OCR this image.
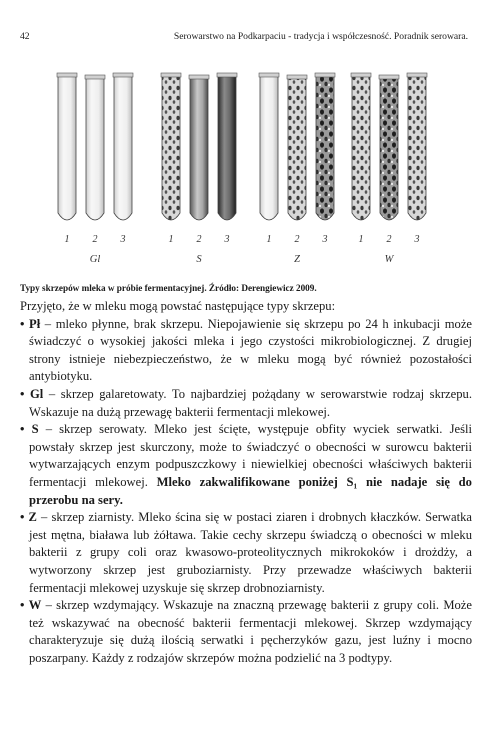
42	Serowarstwo na Podkarpaciu - tradycja i współczesność. Poradnik serowara.
1 2 3
Gl
1 2 3
S
1 2 3
Z
1 2 3
W
Typy skrzepów mleka w próbie fermentacyjnej. Źródło: Derengiewicz 2009.

Przyjęto, że w mleku mogą powstać następujące typy skrzepu:

• Pł – mleko płynne, brak skrzepu. Niepojawienie się skrzepu po 24 h inkubacji może świadczyć o wysokiej jakości mleka i jego czystości mikrobiologicznej. Z drugiej strony istnieje niebezpieczeństwo, że w mleku mogą być również pozostałości antybiotyku.
• Gl – skrzep galaretowaty. To najbardziej pożądany w serowarstwie rodzaj skrzepu. Wskazuje na dużą przewagę bakterii fermentacji mlekowej.
• S – skrzep serowaty. Mleko jest ścięte, występuje obfity wyciek serwatki. Jeśli powstały skrzep jest skurczony, może to świadczyć o obecności w surowcu bakterii wytwarzających enzym podpuszczkowy i niewielkiej obecności właściwych bakterii fermentacji mlekowej. Mleko zakwalifikowane poniżej S₁ nie nadaje się do przerobu na sery.
• Z – skrzep ziarnisty. Mleko ścina się w postaci ziaren i drobnych kłaczków. Serwatka jest mętna, biaława lub żółtawa. Takie cechy skrzepu świadczą o obecności w mleku bakterii z grupy coli oraz kwasowo-proteolitycznych mikrokoków i drożdży, a wytworzony skrzep jest gruboziarnisty. Przy przewadze właściwych bakterii fermentacji mlekowej uzyskuje się skrzep drobnoziarnisty.
• W – skrzep wzdymający. Wskazuje na znaczną przewagę bakterii z grupy coli. Może też wskazywać na obecność bakterii fermentacji mlekowej. Skrzep wzdymający charakteryzuje się dużą ilością serwatki i pęcherzyków gazu, jest luźny i mocno poszarpany. Każdy z rodzajów skrzepów można podzielić na 3 podtypy.
